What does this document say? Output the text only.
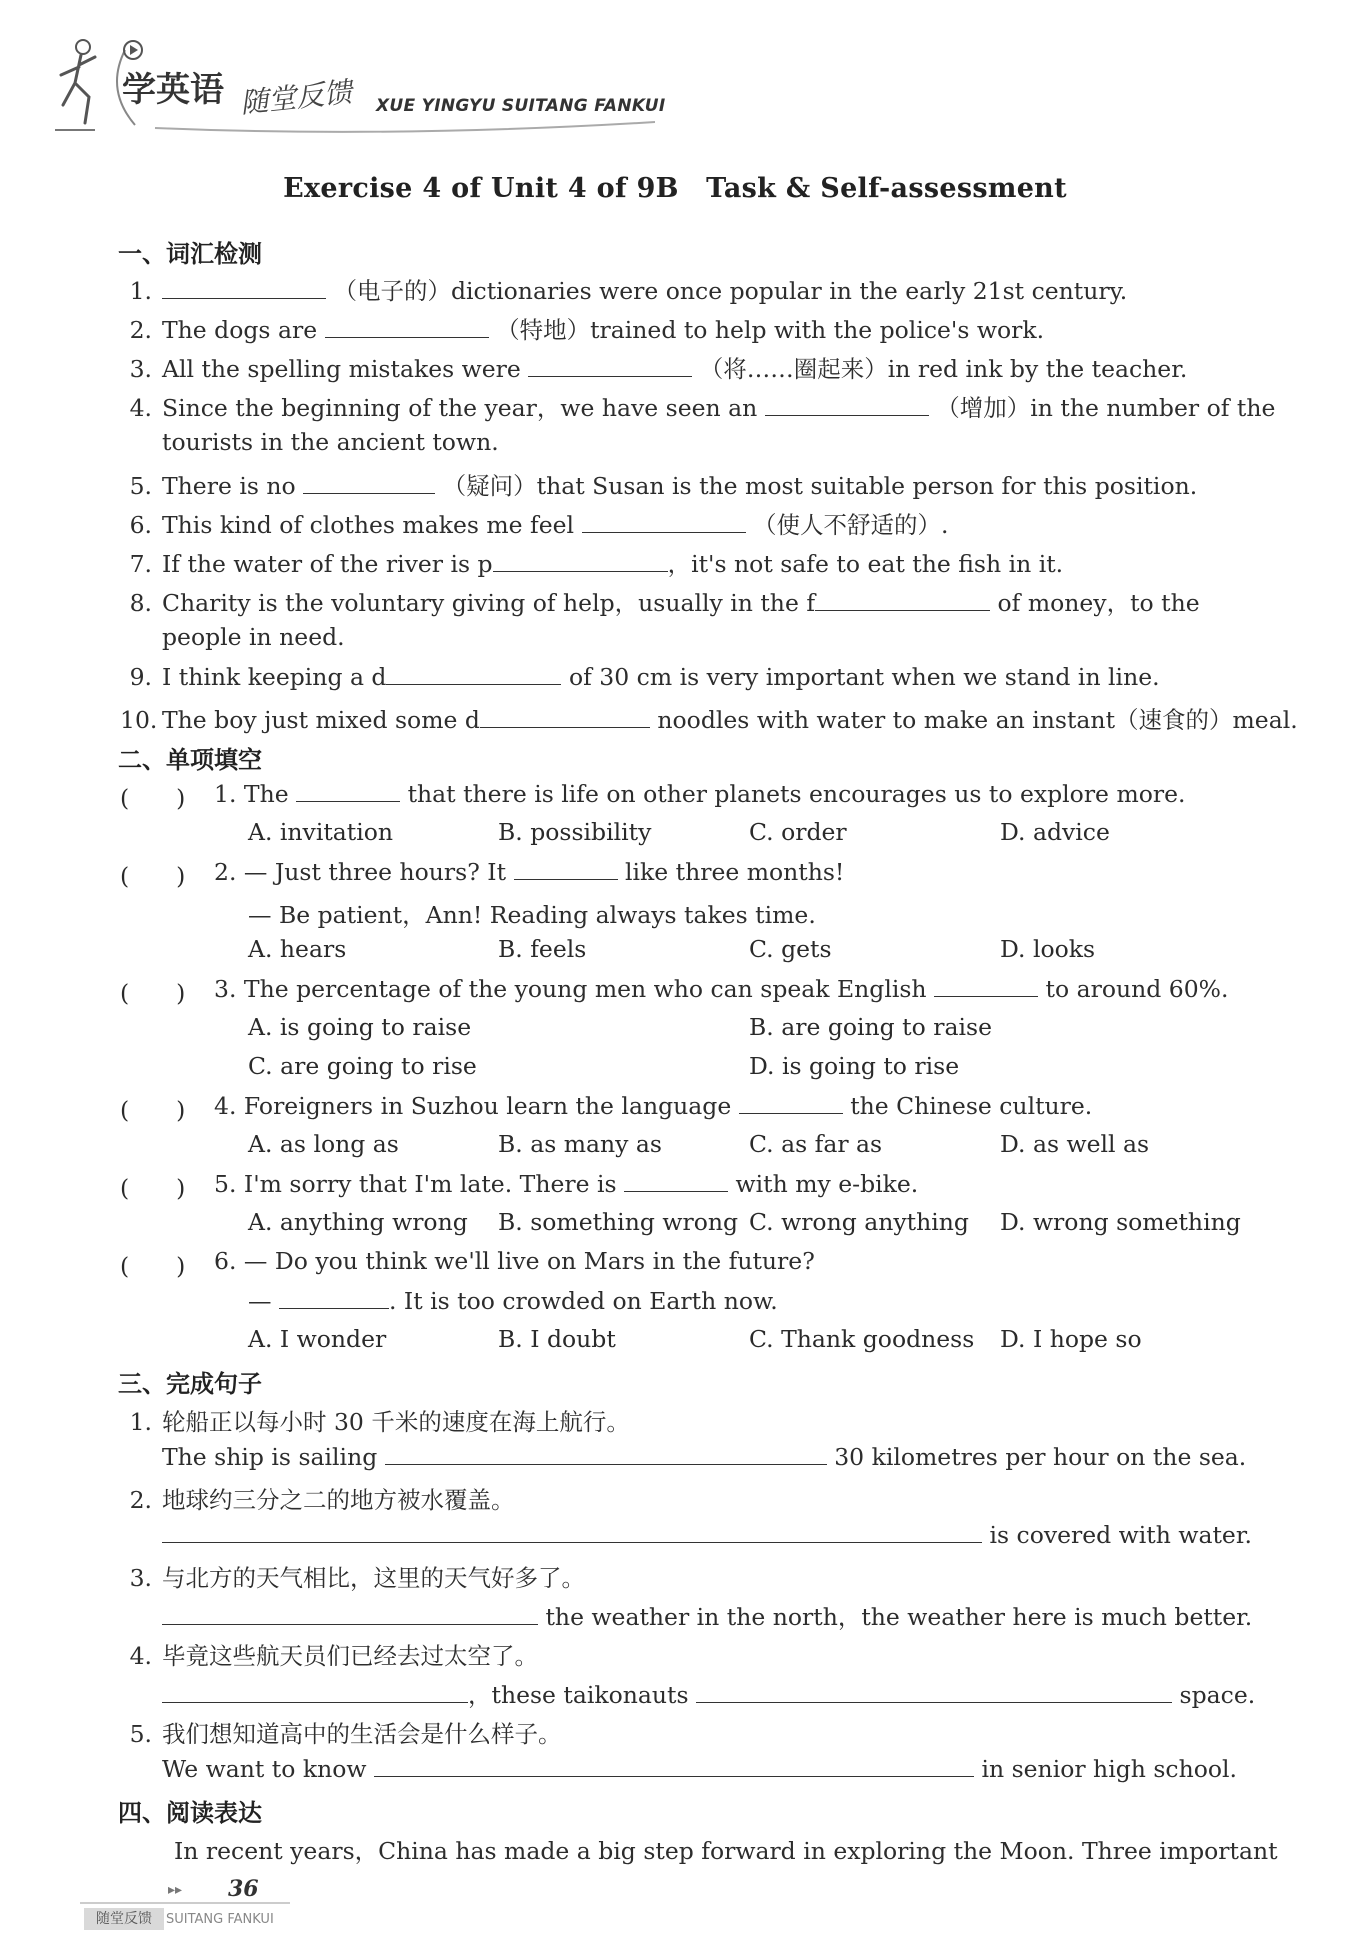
学英语 随堂反馈 XUE YINGYU SUITANG FANKUI
Exercise 4 of Unit 4 of 9B　Task & Self-assessment
一、词汇检测
1.	（电子的）dictionaries were once popular in the early 21st century.
2. The dogs are	（特地）trained to help with the police's work.
3. All the spelling mistakes were	（将……圈起来）in red ink by the teacher.
4. Since the beginning of the year，we have seen an	（增加）in the number of the
tourists in the ancient town.
5. There is no	（疑问）that Susan is the most suitable person for this position.
6. This kind of clothes makes me feel	（使人不舒适的）.
7. If the water of the river is p	，it's not safe to eat the fish in it.
8. Charity is the voluntary giving of help，usually in the f	of money，to the
people in need.
9. I think keeping a d	of 30 cm is very important when we stand in line.
10. The boy just mixed some d	noodles with water to make an instant（速食的）meal.
二、单项填空
(　　) 1. The	that there is life on other planets encourages us to explore more.
A. invitation	B. possibility	C. order	D. advice
(　　) 2. — Just three hours? It	like three months!
— Be patient，Ann! Reading always takes time.
A. hears	B. feels	C. gets	D. looks
(　　) 3. The percentage of the young men who can speak English	to around 60%.
A. is going to raise	B. are going to raise
C. are going to rise	D. is going to rise
(　　) 4. Foreigners in Suzhou learn the language	the Chinese culture.
A. as long as	B. as many as	C. as far as	D. as well as
(　　) 5. I'm sorry that I'm late. There is	with my e-bike.
A. anything wrong B. something wrong C. wrong anything D. wrong something
(　　) 6. — Do you think we'll live on Mars in the future?
—	. It is too crowded on Earth now.
A. I wonder	B. I doubt	C. Thank goodness D. I hope so
三、完成句子
1. 轮船正以每小时 30 千米的速度在海上航行。
The ship is sailing	30 kilometres per hour on the sea.
2. 地球约三分之二的地方被水覆盖。
is covered with water.
3. 与北方的天气相比，这里的天气好多了。
the weather in the north，the weather here is much better.
4. 毕竟这些航天员们已经去过太空了。
，these taikonauts	space.
5. 我们想知道高中的生活会是什么样子。
We want to know	in senior high school.
四、阅读表达
In recent years，China has made a big step forward in exploring the Moon. Three important
▸▸ 36
随堂反馈	SUITANG FANKUI
